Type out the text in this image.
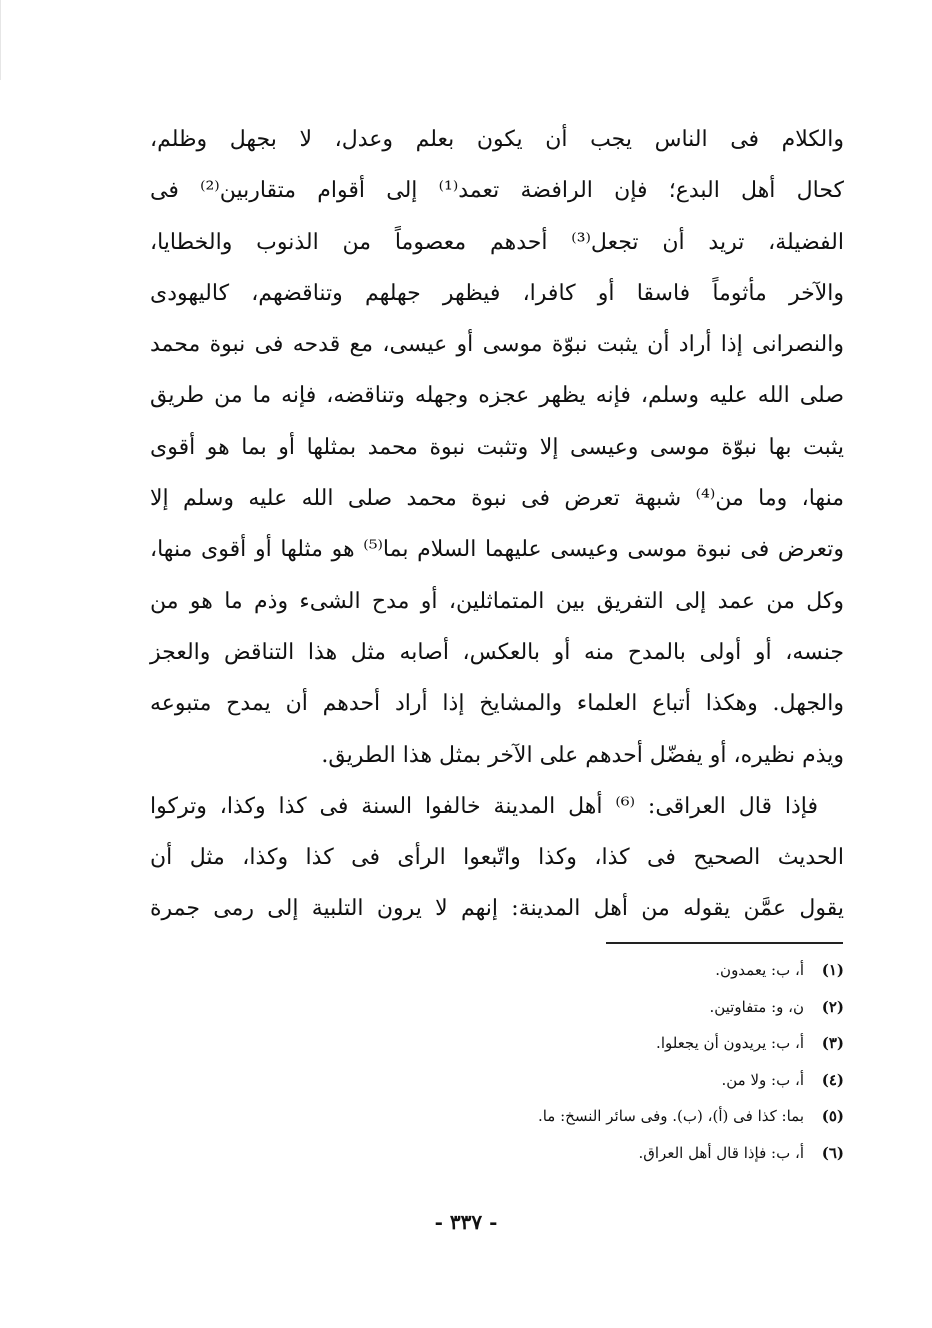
والكلام فى الناس يجب أن يكون بعلم وعدل، لا بجهل وظلم،
كحال أهل البدع؛ فإن الرافضة تعمد⁽¹⁾ إلى أقوام متقاربين⁽²⁾ فى
الفضيلة، تريد أن تجعل⁽³⁾ أحدهم معصوماً من الذنوب والخطايا،
والآخر مأثوماً فاسقا أو كافرا، فيظهر جهلهم وتناقضهم، كاليهودى
والنصرانى إذا أراد أن يثبت نبوّة موسى أو عيسى، مع قدحه فى نبوة محمد
صلى الله عليه وسلم، فإنه يظهر عجزه وجهله وتناقضه، فإنه ما من طريق
يثبت بها نبوّة موسى وعيسى إلا وتثبت نبوة محمد بمثلها أو بما هو أقوى
منها، وما من⁽⁴⁾ شبهة تعرض فى نبوة محمد صلى الله عليه وسلم إلا
وتعرض فى نبوة موسى وعيسى عليهما السلام بما⁽⁵⁾ هو مثلها أو أقوى منها،
وكل من عمد إلى التفريق بين المتماثلين، أو مدح الشىء وذم ما هو من
جنسه، أو أولى بالمدح منه أو بالعكس، أصابه مثل هذا التناقض والعجز
والجهل. وهكذا أتباع العلماء والمشايخ إذا أراد أحدهم أن يمدح متبوعه
ويذم نظيره، أو يفضّل أحدهم على الآخر بمثل هذا الطريق.
فإذا قال العراقى: ⁽⁶⁾ أهل المدينة خالفوا السنة فى كذا وكذا، وتركوا
الحديث الصحيح فى كذا، وكذا واتّبعوا الرأى فى كذا وكذا، مثل أن
يقول عمَّن يقوله من أهل المدينة: إنهم لا يرون التلبية إلى رمى جمرة
(١)أ، ب: يعمدون.
(٢)ن، و: متفاوتين.
(٣)أ، ب: يريدون أن يجعلوا.
(٤)أ، ب: ولا من.
(٥)بما: كذا فى (أ)، (ب). وفى سائر النسخ: ما.
(٦)أ، ب: فإذا قال أهل العراق.
- ٣٣٧ -
